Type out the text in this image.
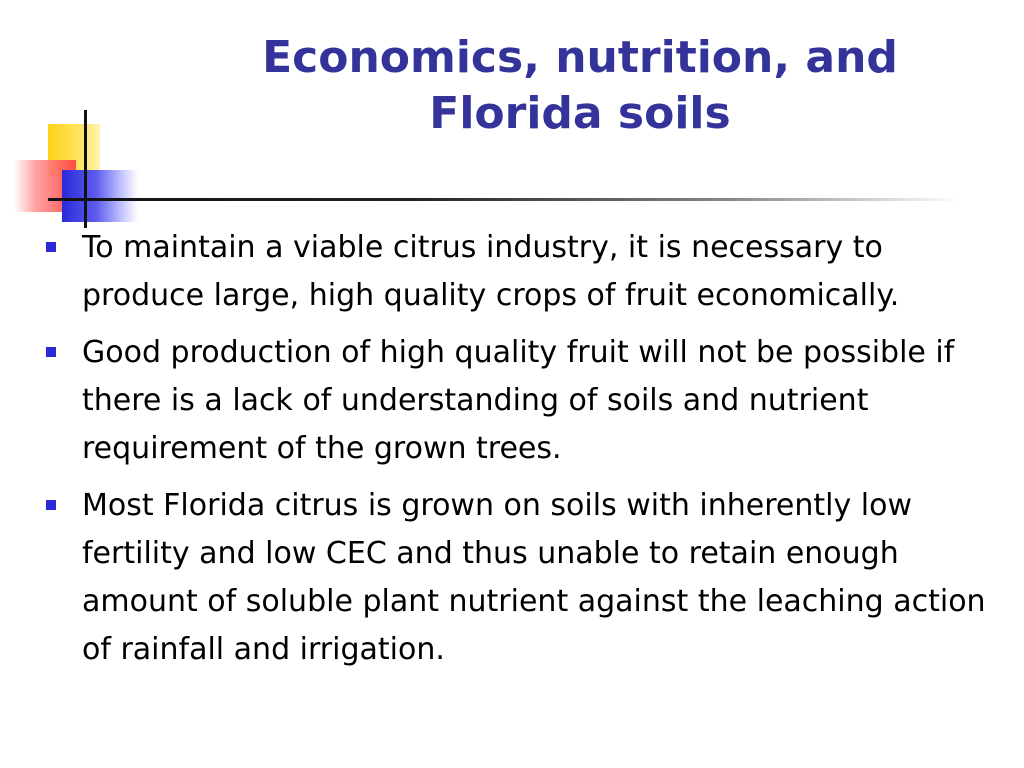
Economics, nutrition, and
Florida soils
To maintain a viable citrus industry, it is necessary to produce large, high quality crops of fruit economically.
Good production of high quality fruit will not be possible if there is a lack of understanding of soils and nutrient requirement of the grown trees.
Most Florida citrus is grown on soils with inherently low fertility and low CEC and thus unable to retain enough amount of soluble plant nutrient against the leaching action of rainfall and irrigation.
